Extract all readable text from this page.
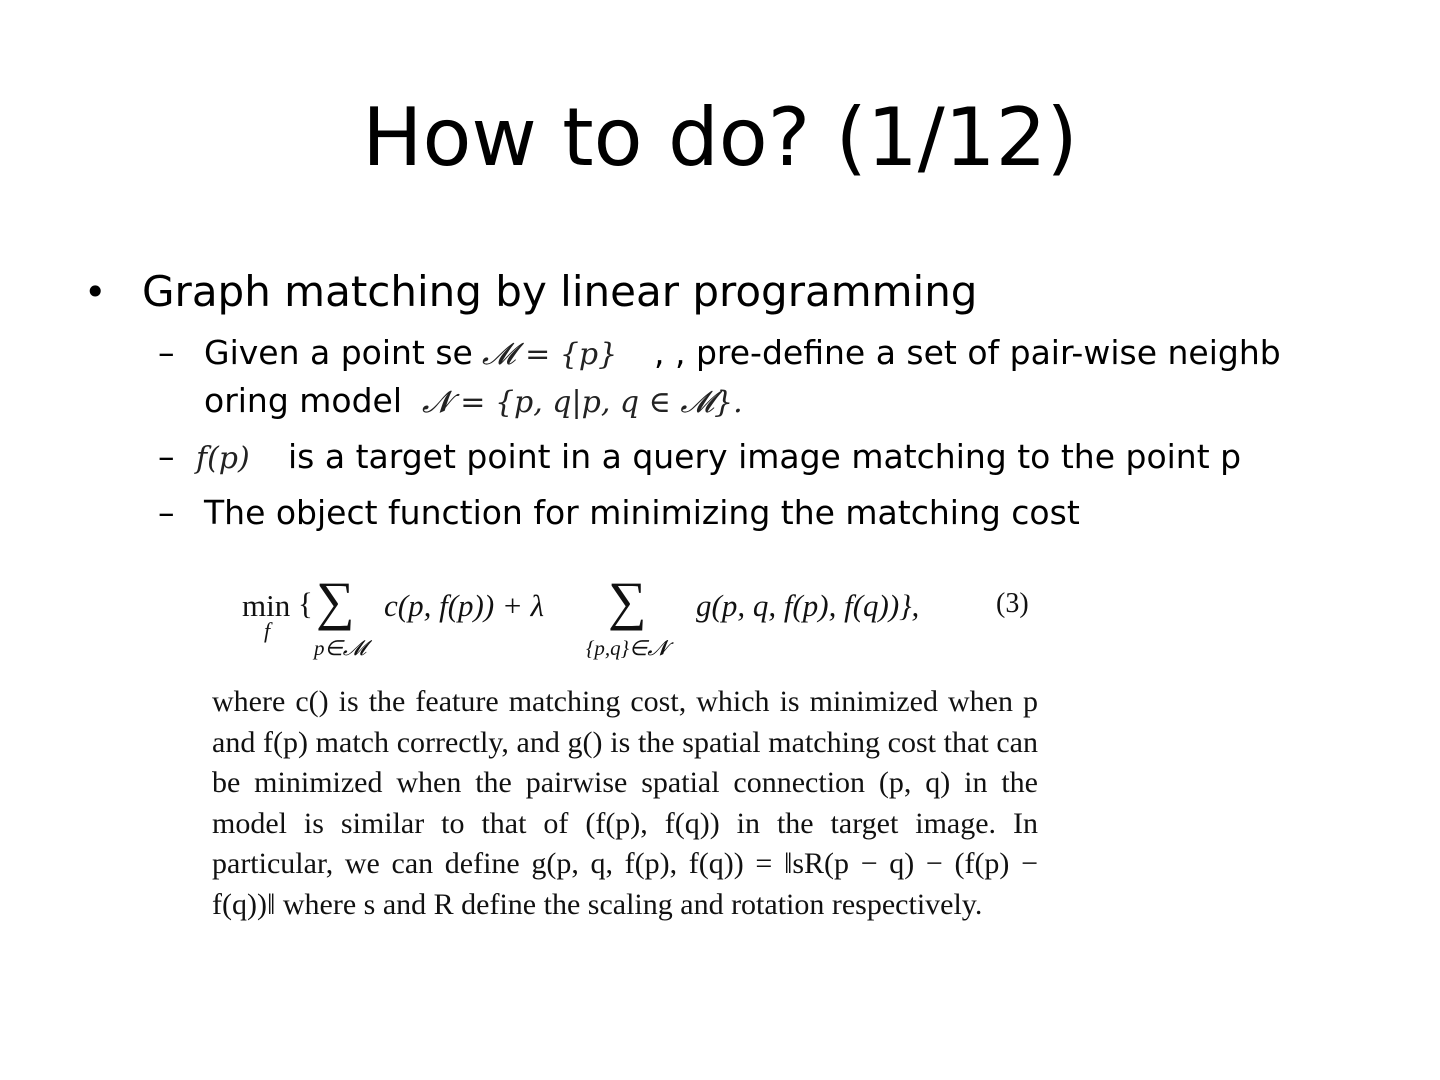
How to do? (1/12)
• Graph matching by linear programming
– Given a point se 𝓜 = {p} , , pre-define a set of pair-wise neighb
oring model 𝓝 = {p, q|p, q ∈ 𝓜}.
– f(p) is a target point in a query image matching to the point p
– The object function for minimizing the matching cost
min
f
{ ∑
p∈𝓜
c(p, f(p)) + λ ∑
{p,q}∈𝓝
g(p, q, f(p), f(q))},	(3)
where c() is the feature matching cost, which is minimized when p and f(p) match correctly, and g() is the spatial matching cost that can be minimized when the pairwise spatial connection (p, q) in the model is similar to that of (f(p), f(q)) in the target image. In particular, we can define g(p, q, f(p), f(q)) = ‖sR(p − q) − (f(p) − f(q))‖ where s and R define the scaling and rotation respectively.
